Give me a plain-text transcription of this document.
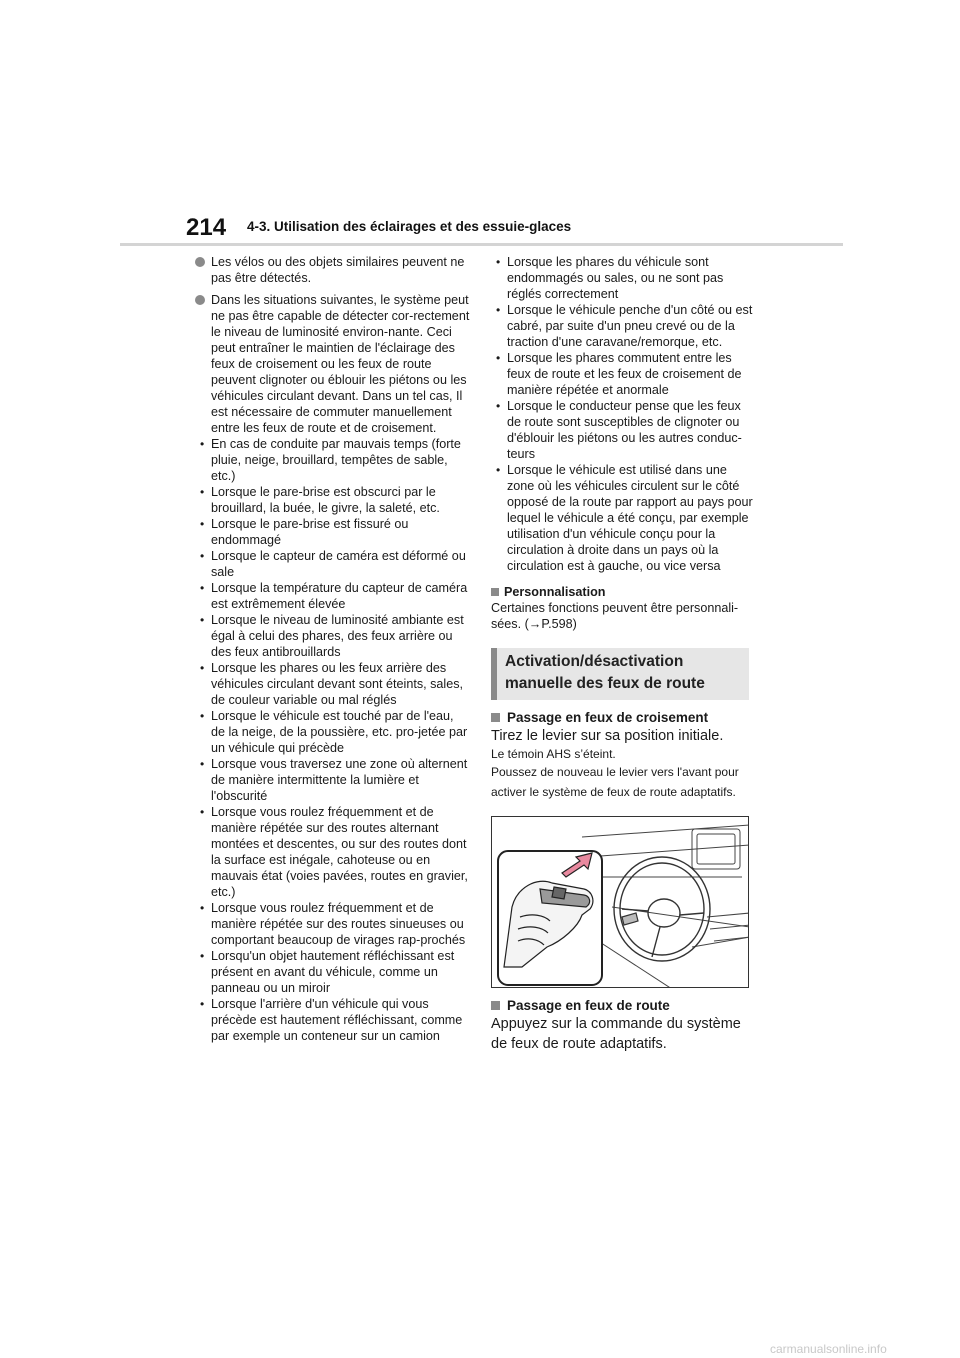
214 4-3. Utilisation des éclairages et des essuie-glaces

Les vélos ou des objets similaires peuvent ne pas être détectés.

Dans les situations suivantes, le système peut ne pas être capable de détecter cor-rectement le niveau de luminosité environ-nante. Ceci peut entraîner le maintien de l'éclairage des feux de croisement ou les feux de route peuvent clignoter ou éblouir les piétons ou les véhicules circulant devant. Dans un tel cas, Il est nécessaire de commuter manuellement entre les feux de route et de croisement.

• En cas de conduite par mauvais temps (forte pluie, neige, brouillard, tempêtes de sable, etc.)
• Lorsque le pare-brise est obscurci par le brouillard, la buée, le givre, la saleté, etc.
• Lorsque le pare-brise est fissuré ou endommagé
• Lorsque le capteur de caméra est déformé ou sale
• Lorsque la température du capteur de caméra est extrêmement élevée
• Lorsque le niveau de luminosité ambiante est égal à celui des phares, des feux arrière ou des feux antibrouillards
• Lorsque les phares ou les feux arrière des véhicules circulant devant sont éteints, sales, de couleur variable ou mal réglés
• Lorsque le véhicule est touché par de l'eau, de la neige, de la poussière, etc. pro-jetée par un véhicule qui précède
• Lorsque vous traversez une zone où alternent de manière intermittente la lumière et l'obscurité
• Lorsque vous roulez fréquemment et de manière répétée sur des routes alternant montées et descentes, ou sur des routes dont la surface est inégale, cahoteuse ou en mauvais état (voies pavées, routes en gravier, etc.)
• Lorsque vous roulez fréquemment et de manière répétée sur des routes sinueuses ou comportant beaucoup de virages rap-prochés
• Lorsqu'un objet hautement réfléchissant est présent en avant du véhicule, comme un panneau ou un miroir
• Lorsque l'arrière d'un véhicule qui vous précède est hautement réfléchissant, comme par exemple un conteneur sur un camion
• Lorsque les phares du véhicule sont endommagés ou sales, ou ne sont pas réglés correctement
• Lorsque le véhicule penche d'un côté ou est cabré, par suite d'un pneu crevé ou de la traction d'une caravane/remorque, etc.
• Lorsque les phares commutent entre les feux de route et les feux de croisement de manière répétée et anormale
• Lorsque le conducteur pense que les feux de route sont susceptibles de clignoter ou d'éblouir les piétons ou les autres conduc-teurs
• Lorsque le véhicule est utilisé dans une zone où les véhicules circulent sur le côté opposé de la route par rapport au pays pour lequel le véhicule a été conçu, par exemple utilisation d'un véhicule conçu pour la circulation à droite dans un pays où la circulation est à gauche, ou vice versa
Personnalisation

Certaines fonctions peuvent être personnali-sées. (→P.598)

Activation/désactivation manuelle des feux de route
Passage en feux de croisement

Tirez le levier sur sa position initiale.

Le témoin AHS s’éteint.

Poussez de nouveau le levier vers l'avant pour activer le système de feux de route adaptatifs.

Passage en feux de route

Appuyez sur la commande du système de feux de route adaptatifs.

carmanualsonline.info
